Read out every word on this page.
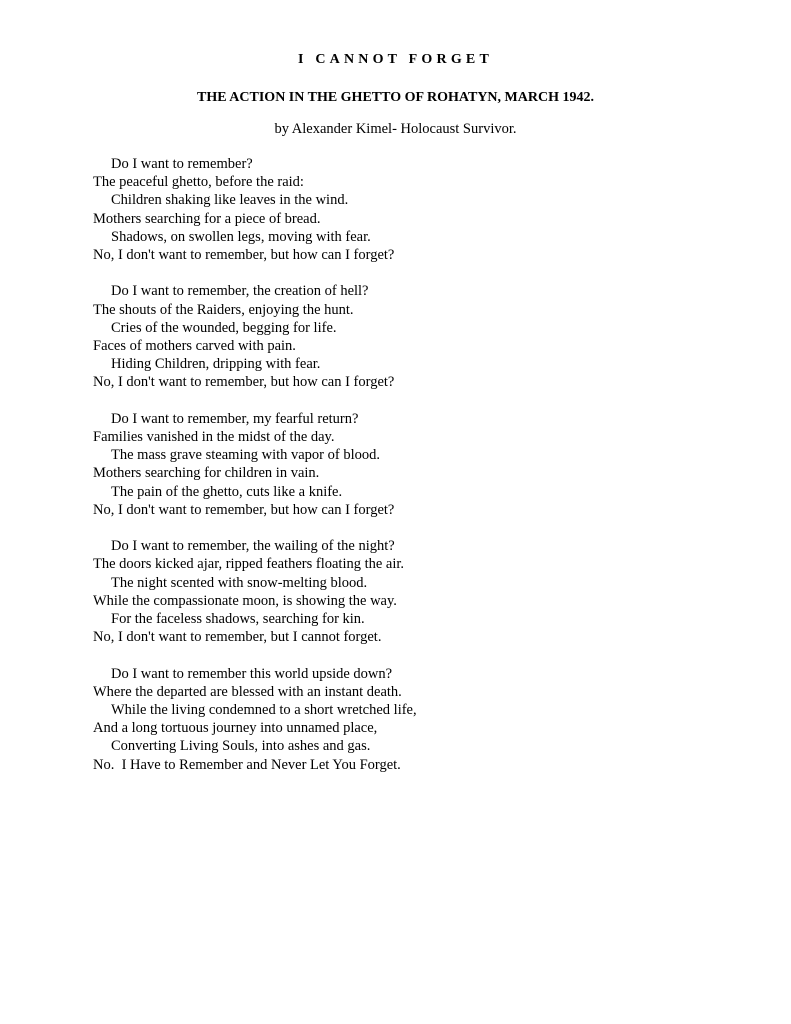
I CANNOT FORGET
THE ACTION IN THE GHETTO OF ROHATYN, MARCH 1942.

by Alexander Kimel- Holocaust Survivor.

Do I want to remember?
The peaceful ghetto, before the raid:
Children shaking like leaves in the wind.
Mothers searching for a piece of bread.
Shadows, on swollen legs, moving with fear.
No, I don't want to remember, but how can I forget?
Do I want to remember, the creation of hell?
The shouts of the Raiders, enjoying the hunt.
Cries of the wounded, begging for life.
Faces of mothers carved with pain.
Hiding Children, dripping with fear.
No, I don't want to remember, but how can I forget?
Do I want to remember, my fearful return?
Families vanished in the midst of the day.
The mass grave steaming with vapor of blood.
Mothers searching for children in vain.
The pain of the ghetto, cuts like a knife.
No, I don't want to remember, but how can I forget?
Do I want to remember, the wailing of the night?
The doors kicked ajar, ripped feathers floating the air.
The night scented with snow-melting blood.
While the compassionate moon, is showing the way.
For the faceless shadows, searching for kin.
No, I don't want to remember, but I cannot forget.
Do I want to remember this world upside down?
Where the departed are blessed with an instant death.
While the living condemned to a short wretched life,
And a long tortuous journey into unnamed place,
Converting Living Souls, into ashes and gas.
No.  I Have to Remember and Never Let You Forget.
